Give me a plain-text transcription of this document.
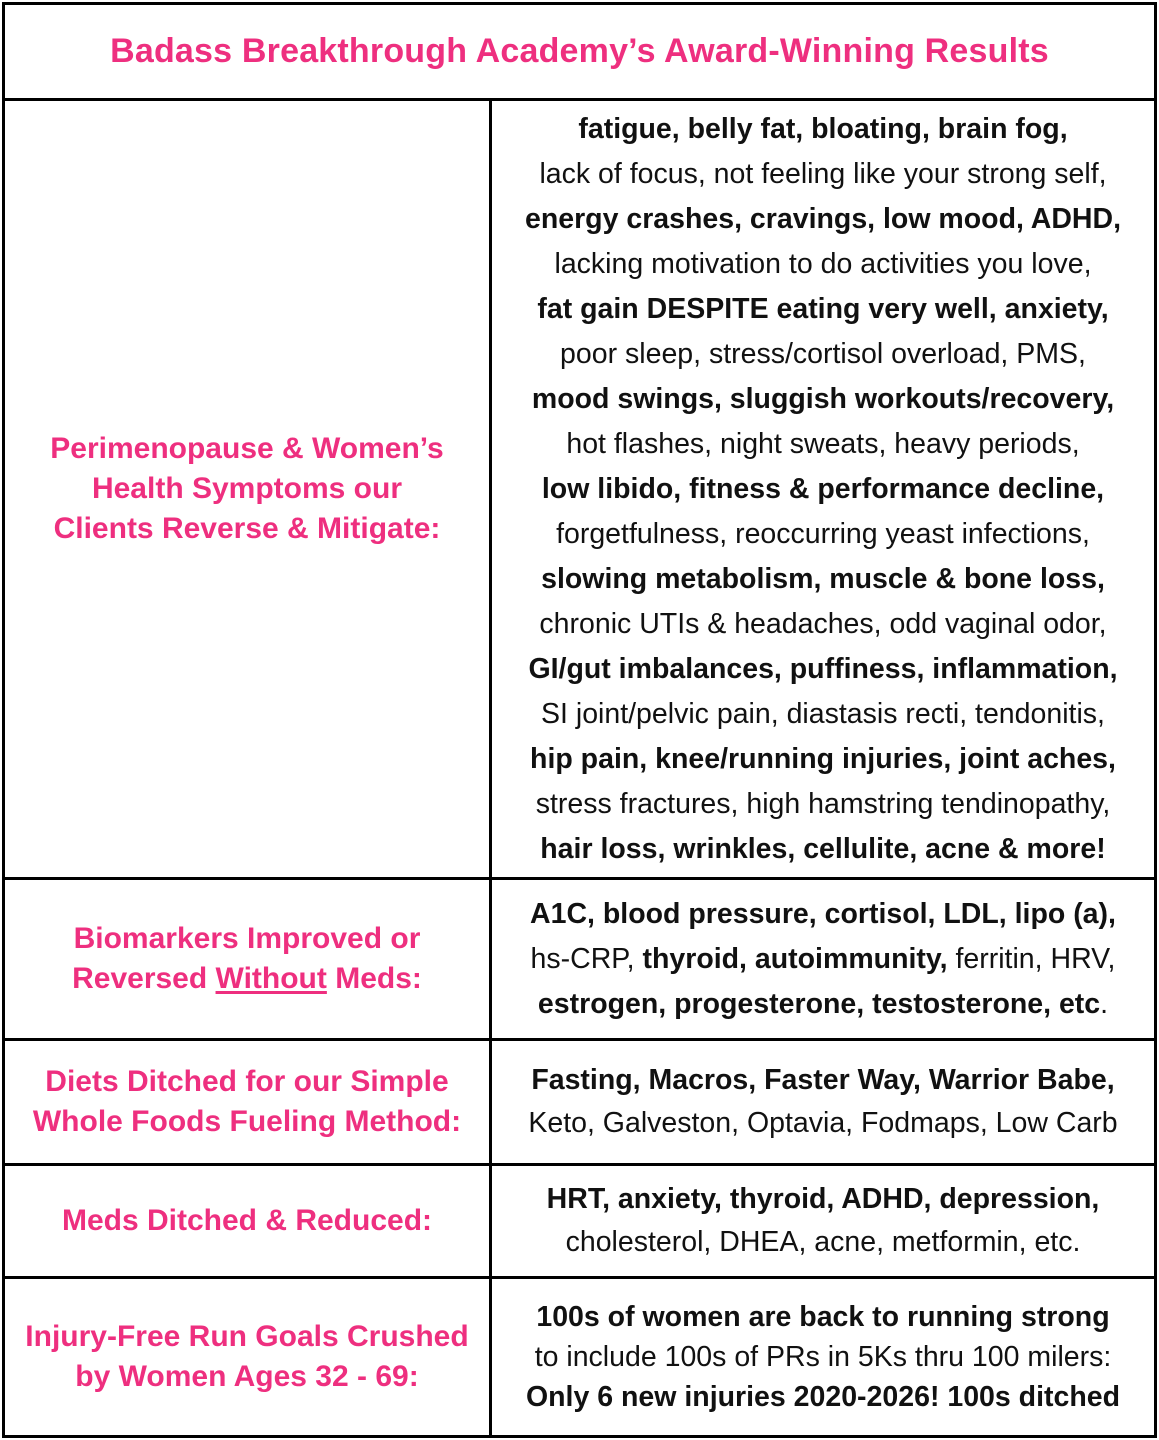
Badass Breakthrough Academy’s Award-Winning Results
Perimenopause & Women’s
Health Symptoms our
Clients Reverse & Mitigate:
fatigue, belly fat, bloating, brain fog,
lack of focus, not feeling like your strong self,
energy crashes, cravings, low mood, ADHD,
lacking motivation to do activities you love,
fat gain DESPITE eating very well, anxiety,
poor sleep, stress/cortisol overload, PMS,
mood swings, sluggish workouts/recovery,
hot flashes, night sweats, heavy periods,
low libido, fitness & performance decline,
forgetfulness, reoccurring yeast infections,
slowing metabolism, muscle & bone loss,
chronic UTIs & headaches, odd vaginal odor,
GI/gut imbalances, puffiness, inflammation,
SI joint/pelvic pain, diastasis recti, tendonitis,
hip pain, knee/running injuries, joint aches,
stress fractures, high hamstring tendinopathy,
hair loss, wrinkles, cellulite, acne & more!
Biomarkers Improved or
Reversed Without Meds:
A1C, blood pressure, cortisol, LDL, lipo (a),
hs-CRP, thyroid, autoimmunity, ferritin, HRV,
estrogen, progesterone, testosterone, etc.
Diets Ditched for our Simple
Whole Foods Fueling Method:
Fasting, Macros, Faster Way, Warrior Babe,
Keto, Galveston, Optavia, Fodmaps, Low Carb
Meds Ditched & Reduced:
HRT, anxiety, thyroid, ADHD, depression,
cholesterol, DHEA, acne, metformin, etc.
Injury-Free Run Goals Crushed
by Women Ages 32 - 69:
100s of women are back to running strong
to include 100s of PRs in 5Ks thru 100 milers:
Only 6 new injuries 2020-2026! 100s ditched
